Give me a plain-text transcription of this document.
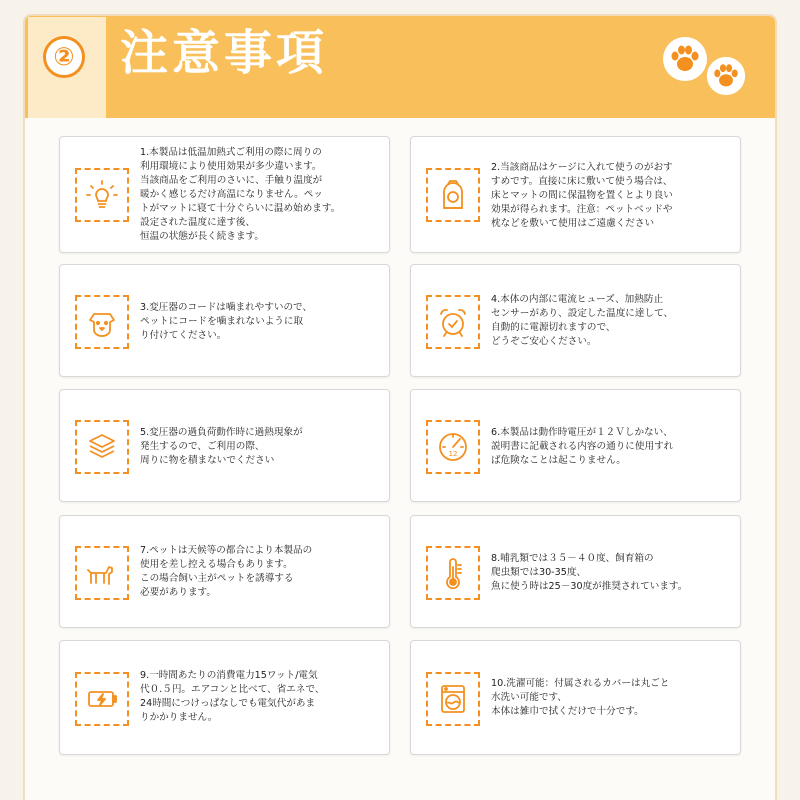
② 注意事項
1.本製品は低温加熱式ご利用の際に周りの
利用環境により使用効果が多少違います。
当該商品をご利用のさいに、手触り温度が
暖かく感じるだけ高温になりません。ペッ
トがマットに寝て十分ぐらいに温め始めます。
設定された温度に達す後、
恒温の状態が長く続きます。
2.当該商品はケージに入れて使うのがおす
すめです。直接に床に敷いて使う場合は、
床とマットの間に保温物を置くとより良い
効果が得られます。注意：ペットベッドや
枕などを敷いて使用はご遠慮ください
3.変圧器のコードは噛まれやすいので、
ペットにコードを噛まれないように取
り付けてください。
4.本体の内部に電流ヒューズ、加熱防止
センサーがあり、設定した温度に達して、
自動的に電源切れますので、
どうぞご安心ください。
5.変圧器の過負荷動作時に過熱現象が
発生するので、ご利用の際、
周りに物を積まないでください
12
6.本製品は動作時電圧が１２Ｖしかない、
説明書に記載される内容の通りに使用すれ
ば危険なことは起こりません。
7.ペットは天候等の都合により本製品の
使用を差し控える場合もあります。
この場合飼い主がペットを誘導する
必要があります。
8.哺乳類では３５－４０度、飼育箱の
爬虫類では30-35度、
魚に使う時は25－30度が推奨されています。
9.一時間あたりの消費電力15ワット/電気
代０.５円。エアコンと比べて、省エネで、
24時間につけっぱなしでも電気代があま
りかかりません。
10.洗濯可能：付属されるカバーは丸ごと
水洗い可能です、
本体は雑巾で拭くだけで十分です。
